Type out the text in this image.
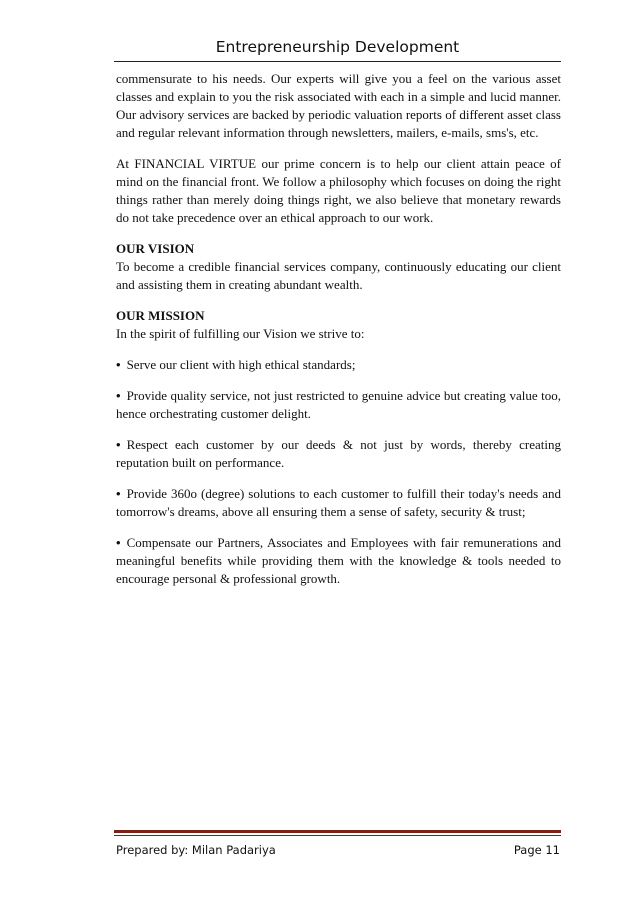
Entrepreneurship Development

commensurate to his needs. Our experts will give you a feel on the various asset classes and explain to you the risk associated with each in a simple and lucid manner. Our advisory services are backed by periodic valuation reports of different asset class and regular relevant information through newsletters, mailers, e-mails, sms's, etc.

At FINANCIAL VIRTUE our prime concern is to help our client attain peace of mind on the financial front. We follow a philosophy which focuses on doing the right things rather than merely doing things right, we also believe that monetary rewards do not take precedence over an ethical approach to our work.

OUR VISION
To become a credible financial services company, continuously educating our client and assisting them in creating abundant wealth.
OUR MISSION
In the spirit of fulfilling our Vision we strive to:
• Serve our client with high ethical standards;
• Provide quality service, not just restricted to genuine advice but creating value too, hence orchestrating customer delight.
• Respect each customer by our deeds & not just by words, thereby creating reputation built on performance.
• Provide 360o (degree) solutions to each customer to fulfill their today's needs and tomorrow's dreams, above all ensuring them a sense of safety, security & trust;
• Compensate our Partners, Associates and Employees with fair remunerations and meaningful benefits while providing them with the knowledge & tools needed to encourage personal & professional growth.
Prepared by: Milan Padariya	Page 11
